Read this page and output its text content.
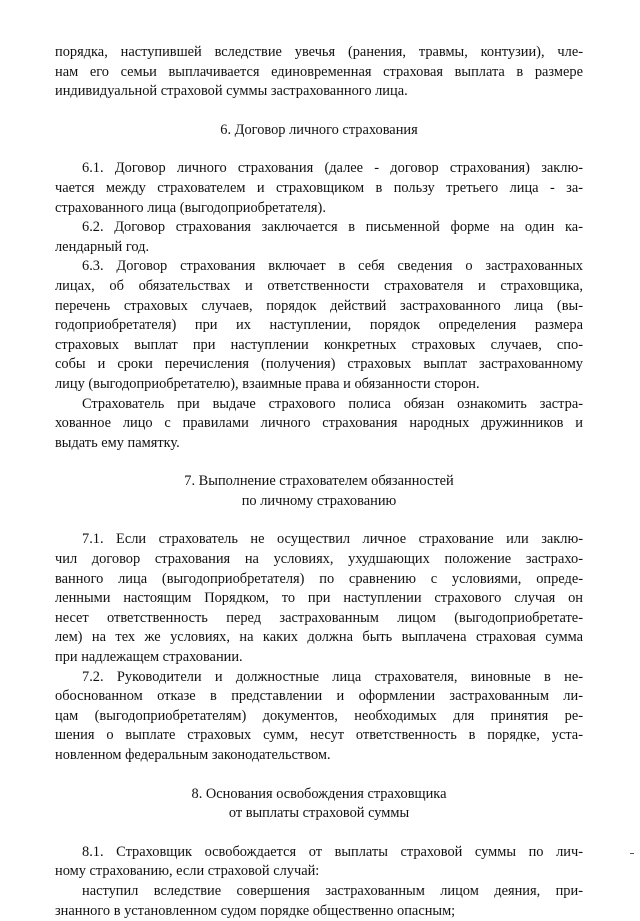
порядка, наступившей вследствие увечья (ранения, травмы, контузии), чле-
нам его семьи выплачивается единовременная страховая выплата в размере
индивидуальной страховой суммы застрахованного лица.
6. Договор личного страхования
6.1. Договор личного страхования (далее - договор страхования) заклю-
чается между страхователем и страховщиком в пользу третьего лица - за-
страхованного лица (выгодоприобретателя).
6.2. Договор страхования заключается в письменной форме на один ка-
лендарный год.
6.3. Договор страхования включает в себя сведения о застрахованных
лицах, об обязательствах и ответственности страхователя и страховщика,
перечень страховых случаев, порядок действий застрахованного лица (вы-
годоприобретателя) при их наступлении, порядок определения размера
страховых выплат при наступлении конкретных страховых случаев, спо-
собы и сроки перечисления (получения) страховых выплат застрахованному
лицу (выгодоприобретателю), взаимные права и обязанности сторон.
Страхователь при выдаче страхового полиса обязан ознакомить застра-
хованное лицо с правилами личного страхования народных дружинников и
выдать ему памятку.
7. Выполнение страхователем обязанностей
по личному страхованию
7.1. Если страхователь не осуществил личное страхование или заклю-
чил договор страхования на условиях, ухудшающих положение застрахо-
ванного лица (выгодоприобретателя) по сравнению с условиями, опреде-
ленными настоящим Порядком, то при наступлении страхового случая он
несет ответственность перед застрахованным лицом (выгодоприобретате-
лем) на тех же условиях, на каких должна быть выплачена страховая сумма
при надлежащем страховании.
7.2. Руководители и должностные лица страхователя, виновные в не-
обоснованном отказе в представлении и оформлении застрахованным ли-
цам (выгодоприобретателям) документов, необходимых для принятия ре-
шения о выплате страховых сумм, несут ответственность в порядке, уста-
новленном федеральным законодательством.
8. Основания освобождения страховщика
от выплаты страховой суммы
8.1. Страховщик освобождается от выплаты страховой суммы по лич-
ному страхованию, если страховой случай:
наступил вследствие совершения застрахованным лицом деяния, при-
знанного в установленном судом порядке общественно опасным;
